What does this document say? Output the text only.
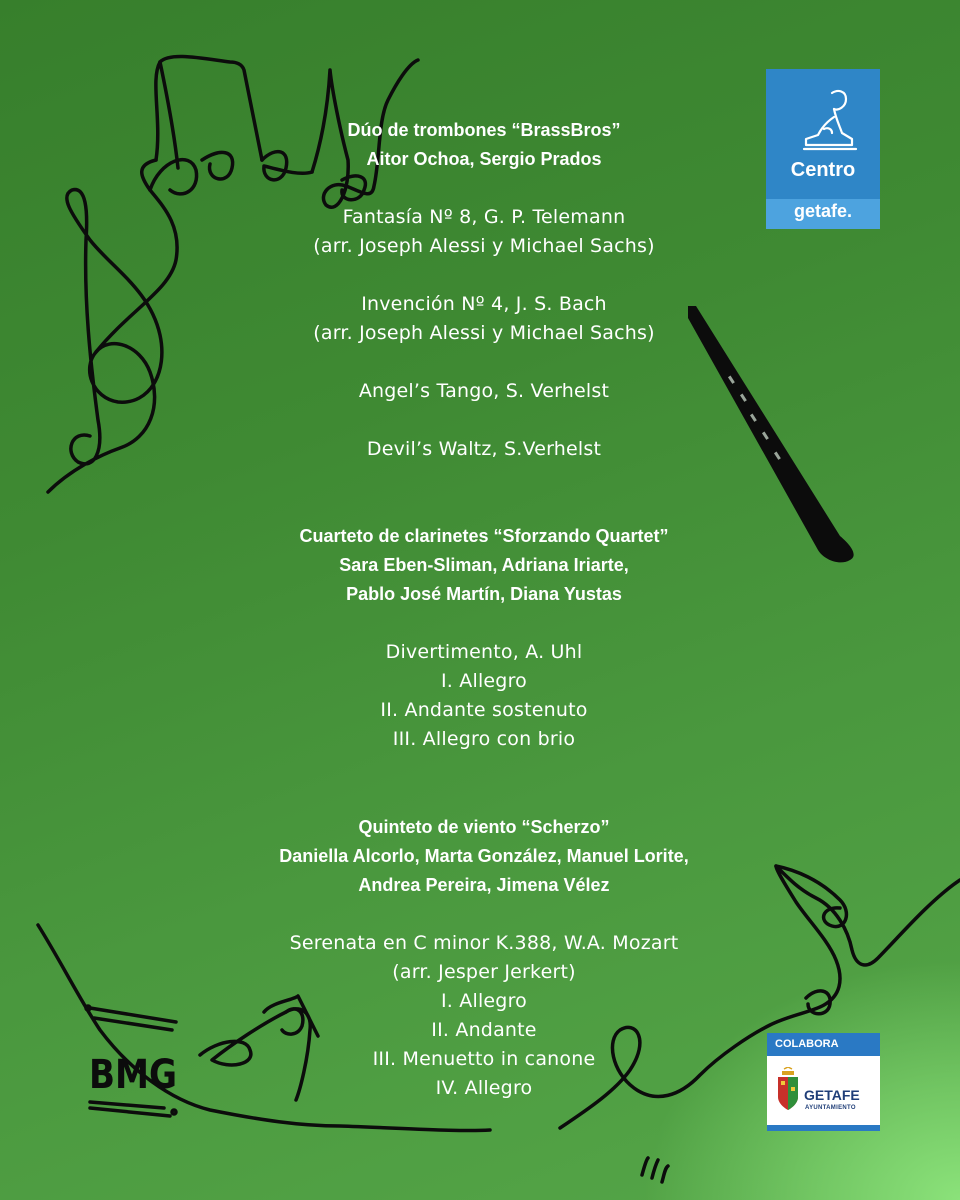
Dúo de trombones “BrassBros”
Aitor Ochoa, Sergio Prados
Fantasía Nº 8, G. P. Telemann
(arr. Joseph Alessi y Michael Sachs)
Invención Nº 4, J. S. Bach
(arr. Joseph Alessi y Michael Sachs)
Angel’s Tango, S. Verhelst
Devil’s Waltz, S.Verhelst
Cuarteto de clarinetes “Sforzando Quartet”
Sara Eben-Sliman, Adriana Iriarte,
Pablo José Martín, Diana Yustas
Divertimento, A. Uhl
I. Allegro
II. Andante sostenuto
III. Allegro con brio
Quinteto de viento “Scherzo”
Daniella Alcorlo, Marta González, Manuel Lorite,
Andrea Pereira, Jimena Vélez
Serenata en C minor K.388, W.A. Mozart
(arr. Jesper Jerkert)
I. Allegro
II. Andante
III. Menuetto in canone
IV. Allegro
Centro
getafe.
COLABORA
GETAFE
AYUNTAMIENTO
BMG
